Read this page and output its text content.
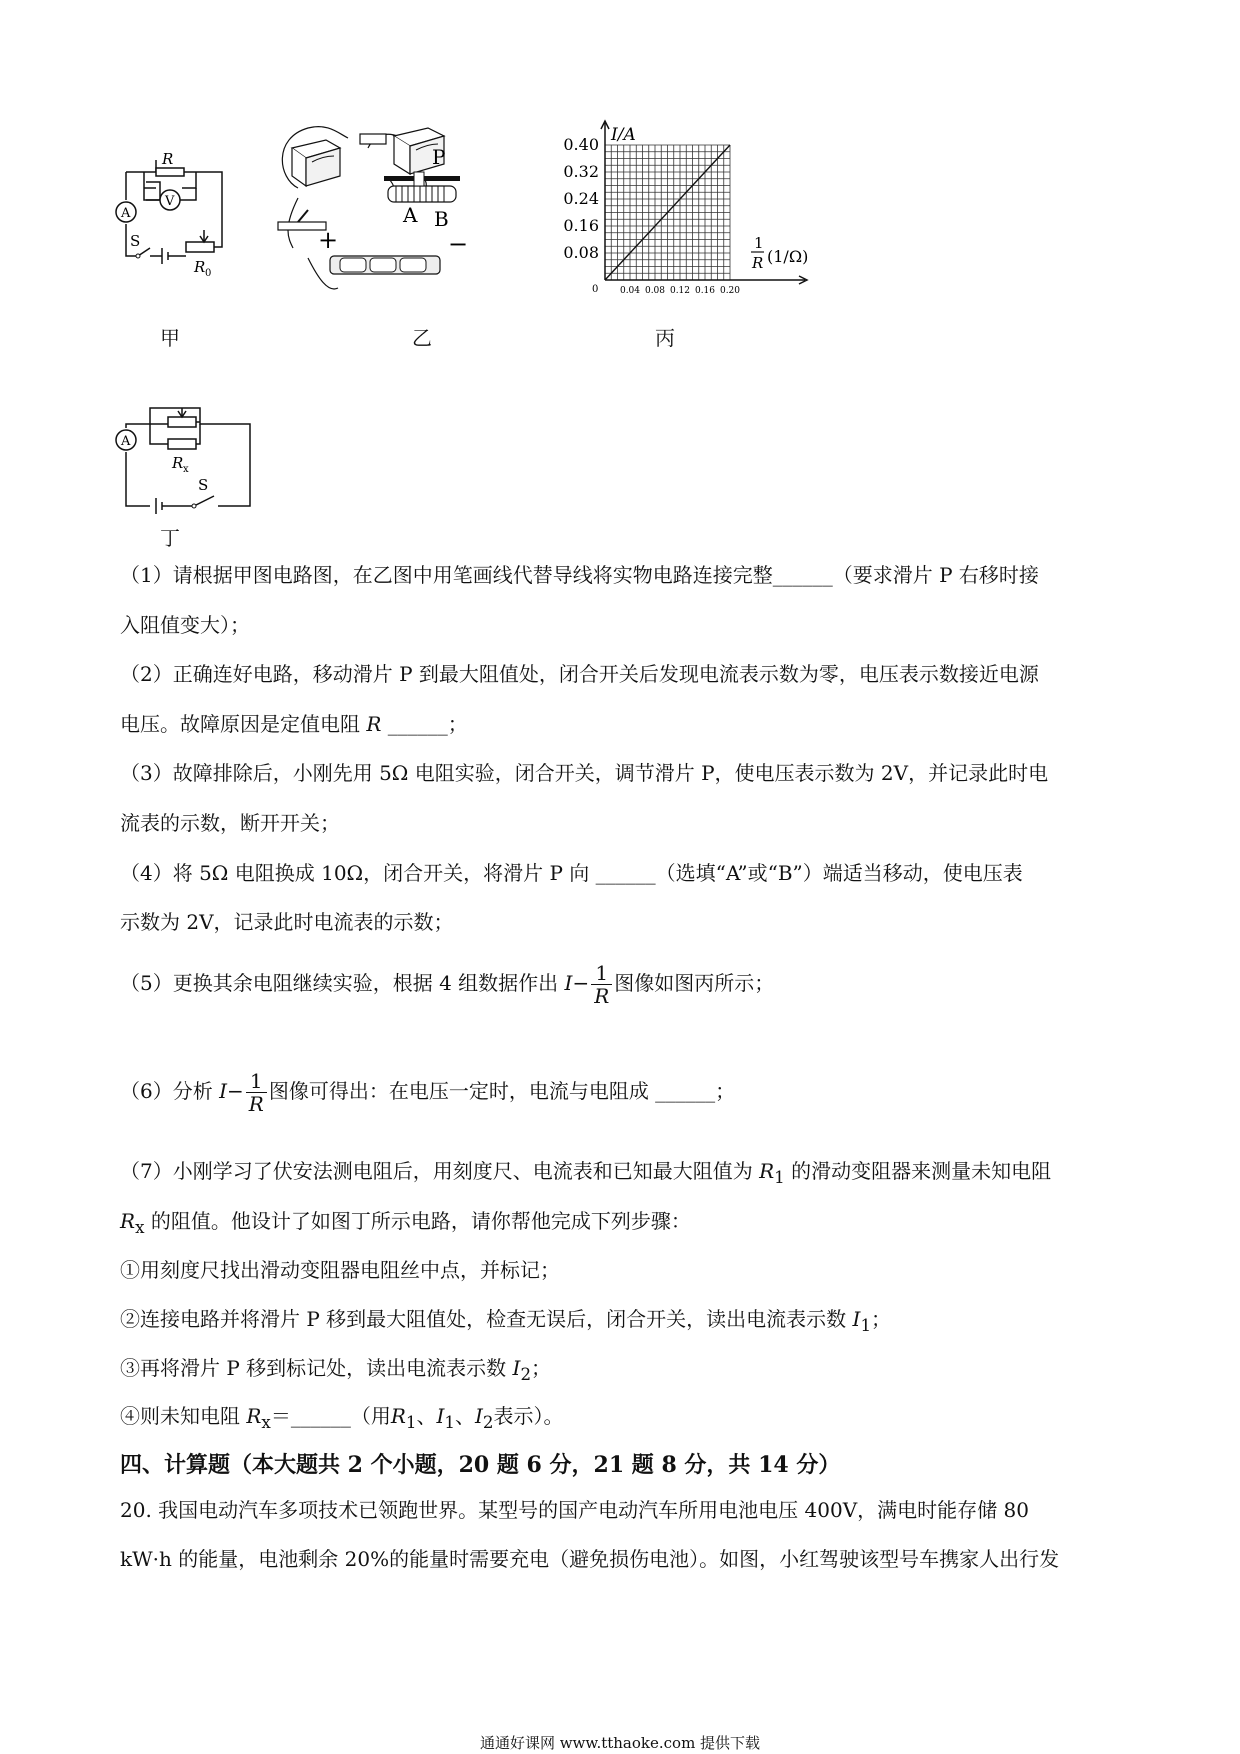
R
V
A
S
R 0
甲
+	−
P
A B
乙
0.08
0.16
0.24
0.32
0.40
0.04 0.08 0.12 0.16 0.20
I/A
0
1
R (1/Ω)
丙
A
R x
S
丁
（1）请根据甲图电路图，在乙图中用笔画线代替导线将实物电路连接完整______（要求滑片 P 右移时接
入阻值变大）；
（2）正确连好电路，移动滑片 P 到最大阻值处，闭合开关后发现电流表示数为零，电压表示数接近电源
电压。故障原因是定值电阻 R ______；
（3）故障排除后，小刚先用 5Ω 电阻实验，闭合开关，调节滑片 P，使电压表示数为 2V，并记录此时电
流表的示数，断开开关；
（4）将 5Ω 电阻换成 10Ω，闭合开关，将滑片 P 向 ______（选填“A”或“B”）端适当移动，使电压表
示数为 2V，记录此时电流表的示数；
（5）更换其余电阻继续实验，根据 4 组数据作出 $I- \frac{1}{R}$ 图像如图丙所示；
（6）分析 $I- \frac{1}{R}$ 图像可得出：在电压一定时，电流与电阻成 ______；
（7）小刚学习了伏安法测电阻后，用刻度尺、电流表和已知最大阻值为 $R_1$ 的滑动变阻器来测量未知电阻
$R_x$ 的阻值。他设计了如图丁所示电路，请你帮他完成下列步骤：
①用刻度尺找出滑动变阻器电阻丝中点，并标记；
②连接电路并将滑片 P 移到最大阻值处，检查无误后，闭合开关，读出电流表示数 $I_1$；
③再将滑片 P 移到标记处，读出电流表示数 $I_2$；
④则未知电阻 $R_x=\_\_\_\_\_\_$（用$R_1$、$I_1$、$I_2$表示）。
四、计算题（本大题共 2 个小题，20 题 6 分，21 题 8 分，共 14 分）
20. 我国电动汽车多项技术已领跑世界。某型号的国产电动汽车所用电池电压 400V，满电时能存储 80
kW·h 的能量，电池剩余 20%的能量时需要充电（避免损伤电池）。如图，小红驾驶该型号车携家人出行发
通通好课网 www.tthaoke.com 提供下载
